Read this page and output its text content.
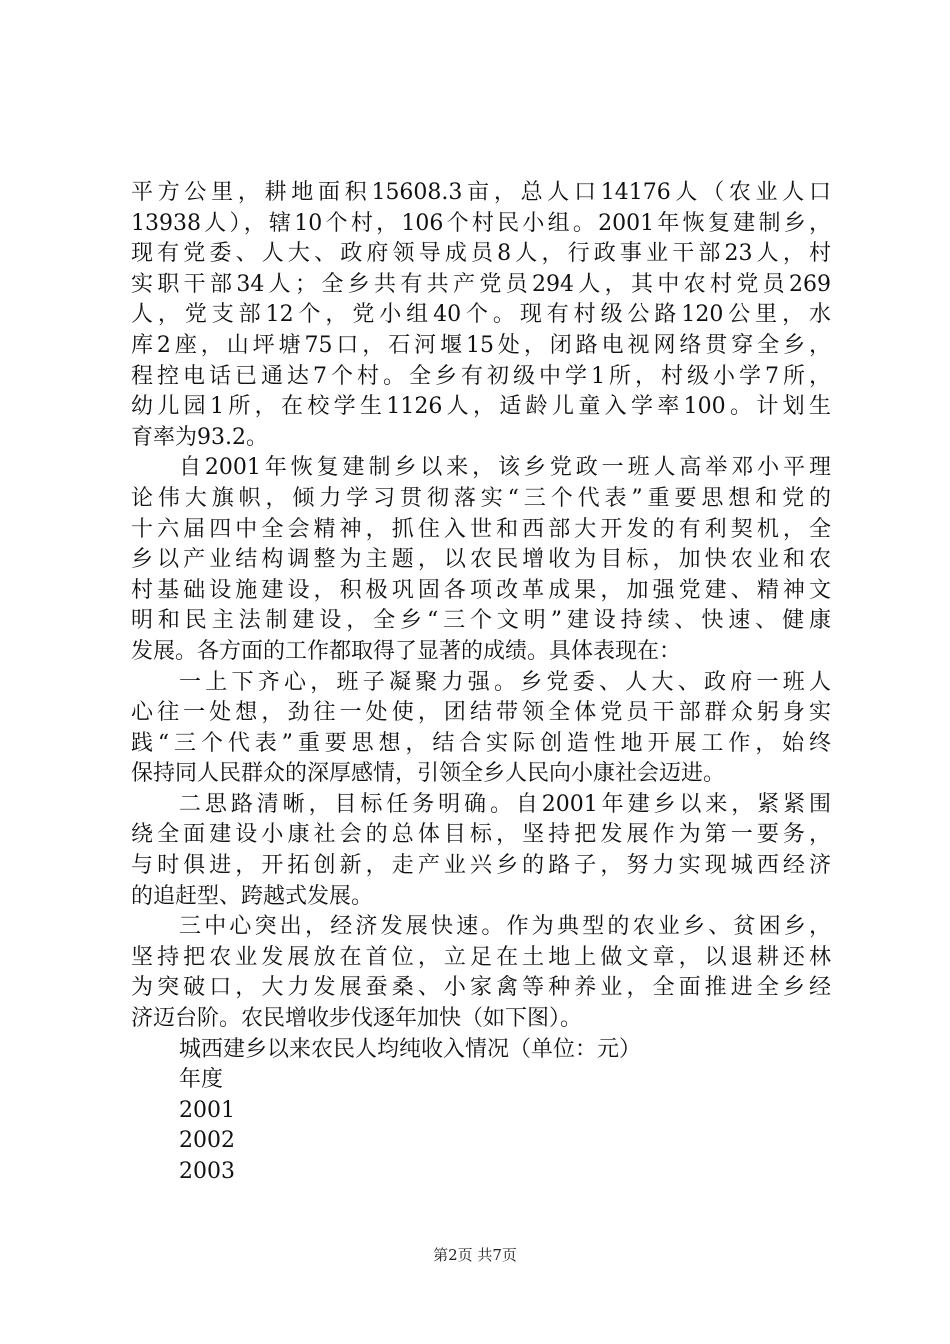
平方公里，耕地面积15608.3亩，总人口14176人（农业人口
13938人），辖10个村，106个村民小组。2001年恢复建制乡，
现有党委、人大、政府领导成员8人，行政事业干部23人，村
实职干部34人；全乡共有共产党员294人，其中农村党员269
人，党支部12个，党小组40个。现有村级公路120公里，水
库2座，山坪塘75口，石河堰15处，闭路电视网络贯穿全乡，
程控电话已通达7个村。全乡有初级中学1所，村级小学7所，
幼儿园1所，在校学生1126人，适龄儿童入学率100。计划生
育率为93.2。
自2001年恢复建制乡以来，该乡党政一班人高举邓小平理
论伟大旗帜，倾力学习贯彻落实“三个代表”重要思想和党的
十六届四中全会精神，抓住入世和西部大开发的有利契机，全
乡以产业结构调整为主题，以农民增收为目标，加快农业和农
村基础设施建设，积极巩固各项改革成果，加强党建、精神文
明和民主法制建设，全乡“三个文明”建设持续、快速、健康
发展。各方面的工作都取得了显著的成绩。具体表现在：
一上下齐心，班子凝聚力强。乡党委、人大、政府一班人
心往一处想，劲往一处使，团结带领全体党员干部群众躬身实
践“三个代表”重要思想，结合实际创造性地开展工作，始终
保持同人民群众的深厚感情，引领全乡人民向小康社会迈进。
二思路清晰，目标任务明确。自2001年建乡以来，紧紧围
绕全面建设小康社会的总体目标，坚持把发展作为第一要务，
与时俱进，开拓创新，走产业兴乡的路子，努力实现城西经济
的追赶型、跨越式发展。
三中心突出，经济发展快速。作为典型的农业乡、贫困乡，
坚持把农业发展放在首位，立足在土地上做文章，以退耕还林
为突破口，大力发展蚕桑、小家禽等种养业，全面推进全乡经
济迈台阶。农民增收步伐逐年加快（如下图）。
城西建乡以来农民人均纯收入情况（单位：元）
年度
2001
2002
2003
第2页 共7页
